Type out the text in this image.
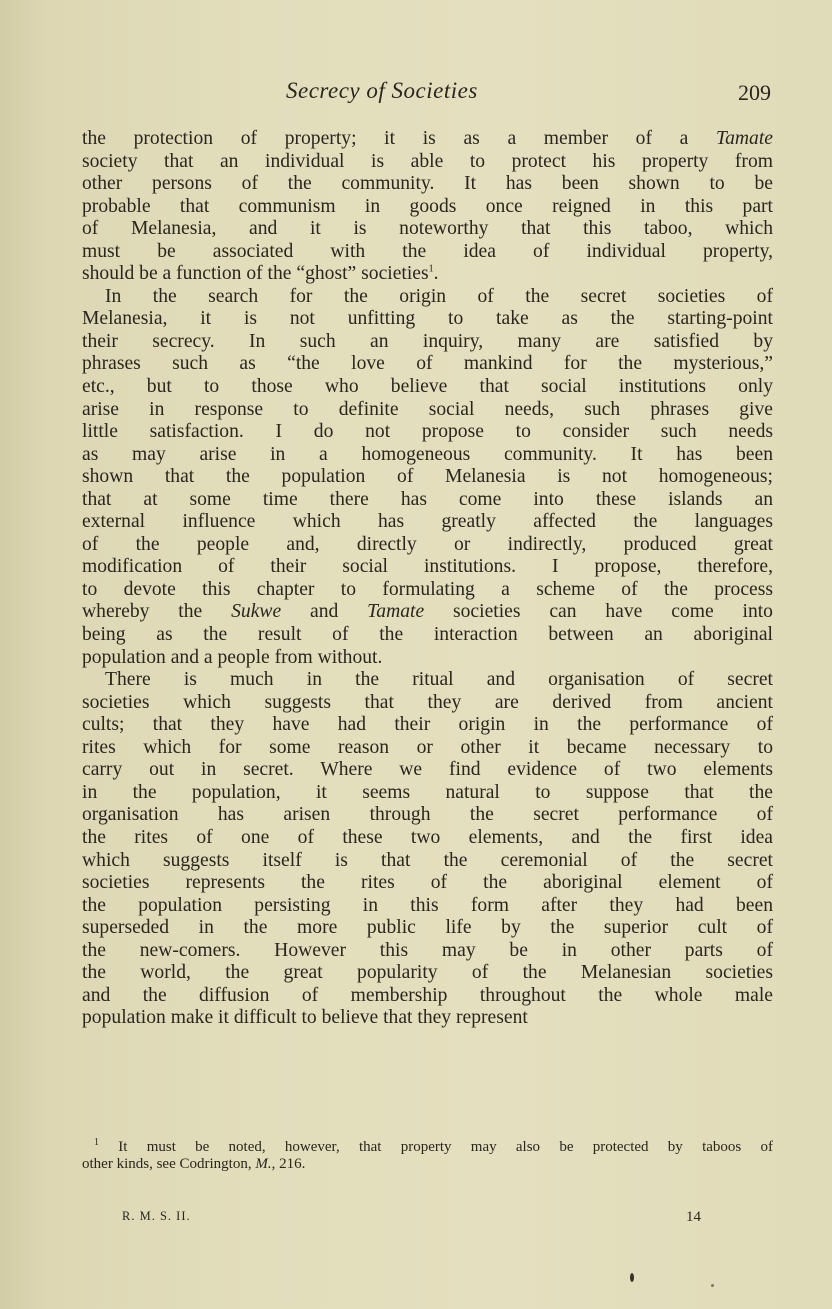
Secrecy of Societies	209

the protection of property; it is as a member of a Tamate
society that an individual is able to protect his property from
other persons of the community. It has been shown to be
probable that communism in goods once reigned in this part
of Melanesia, and it is noteworthy that this taboo, which
must be associated with the idea of individual property,
should be a function of the “ghost” societies$^1$.

In the search for the origin of the secret societies of
Melanesia, it is not unfitting to take as the starting-point
their secrecy. In such an inquiry, many are satisfied by
phrases such as “the love of mankind for the mysterious,”
etc., but to those who believe that social institutions only
arise in response to definite social needs, such phrases give
little satisfaction. I do not propose to consider such needs
as may arise in a homogeneous community. It has been
shown that the population of Melanesia is not homogeneous;
that at some time there has come into these islands an
external influence which has greatly affected the languages
of the people and, directly or indirectly, produced great
modification of their social institutions. I propose, therefore,
to devote this chapter to formulating a scheme of the process
whereby the Sukwe and Tamate societies can have come into
being as the result of the interaction between an aboriginal
population and a people from without.

There is much in the ritual and organisation of secret
societies which suggests that they are derived from ancient
cults; that they have had their origin in the performance of
rites which for some reason or other it became necessary to
carry out in secret. Where we find evidence of two elements
in the population, it seems natural to suppose that the
organisation has arisen through the secret performance of
the rites of one of these two elements, and the first idea
which suggests itself is that the ceremonial of the secret
societies represents the rites of the aboriginal element of
the population persisting in this form after they had been
superseded in the more public life by the superior cult of
the new-comers. However this may be in other parts of
the world, the great popularity of the Melanesian societies
and the diffusion of membership throughout the whole male
population make it difficult to believe that they represent

$^1$ It must be noted, however, that property may also be protected by taboos of
other kinds, see Codrington, M., 216.
R. M. S. II.	14
